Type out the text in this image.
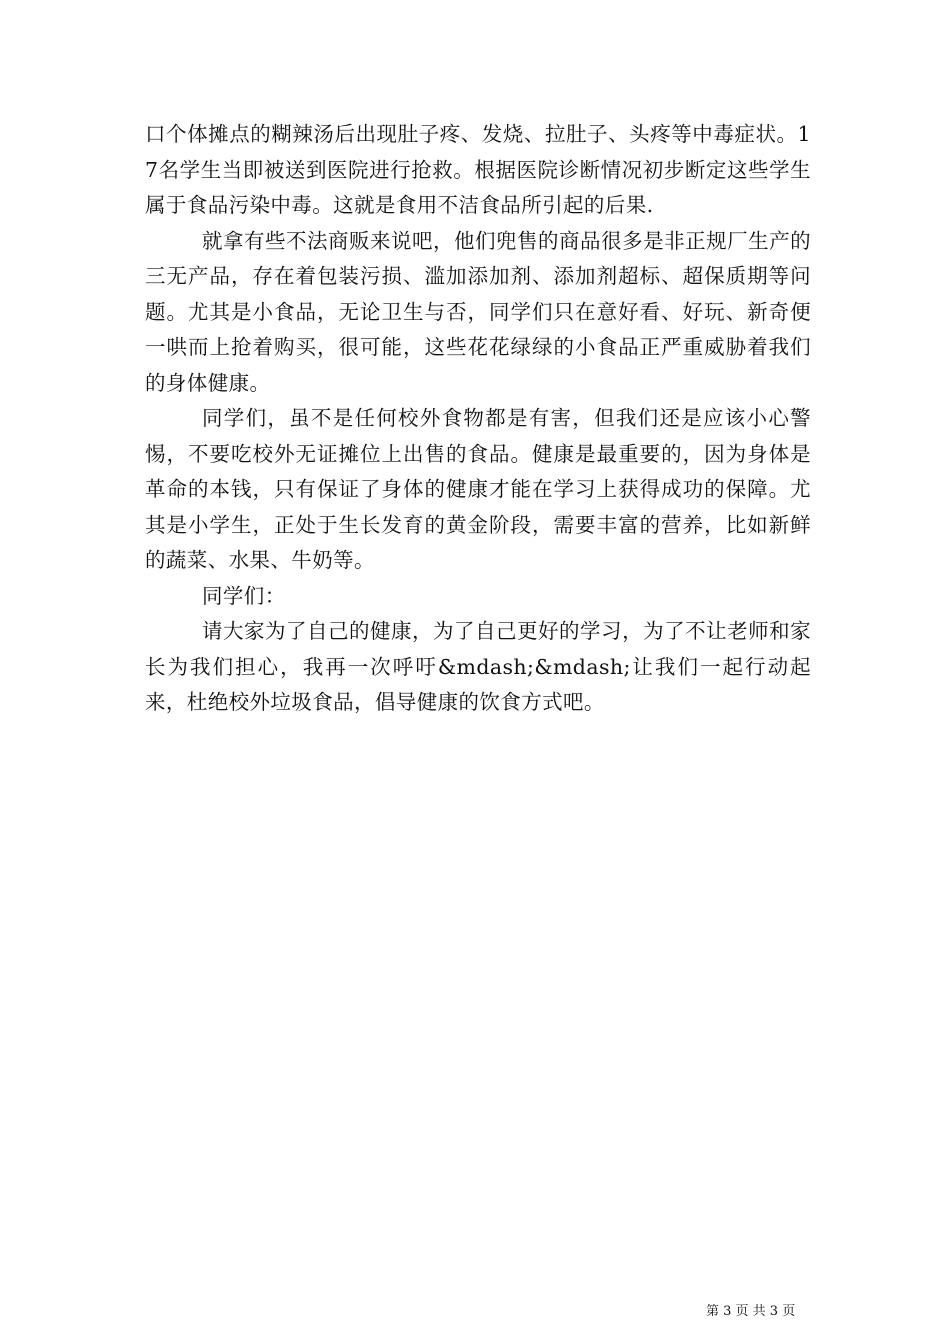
口个体摊点的糊辣汤后出现肚子疼、发烧、拉肚子、头疼等中毒症状。17名学生当即被送到医院进行抢救。根据医院诊断情况初步断定这些学生属于食品污染中毒。这就是食用不洁食品所引起的后果.

就拿有些不法商贩来说吧，他们兜售的商品很多是非正规厂生产的三无产品，存在着包装污损、滥加添加剂、添加剂超标、超保质期等问题。尤其是小食品，无论卫生与否，同学们只在意好看、好玩、新奇便一哄而上抢着购买，很可能，这些花花绿绿的小食品正严重威胁着我们的身体健康。

同学们，虽不是任何校外食物都是有害，但我们还是应该小心警惕，不要吃校外无证摊位上出售的食品。健康是最重要的，因为身体是革命的本钱，只有保证了身体的健康才能在学习上获得成功的保障。尤其是小学生，正处于生长发育的黄金阶段，需要丰富的营养，比如新鲜的蔬菜、水果、牛奶等。

同学们：

请大家为了自己的健康，为了自己更好的学习，为了不让老师和家长为我们担心，我再一次呼吁&mdash;&mdash;让我们一起行动起来，杜绝校外垃圾食品，倡导健康的饮食方式吧。

第 3 页 共 3 页
